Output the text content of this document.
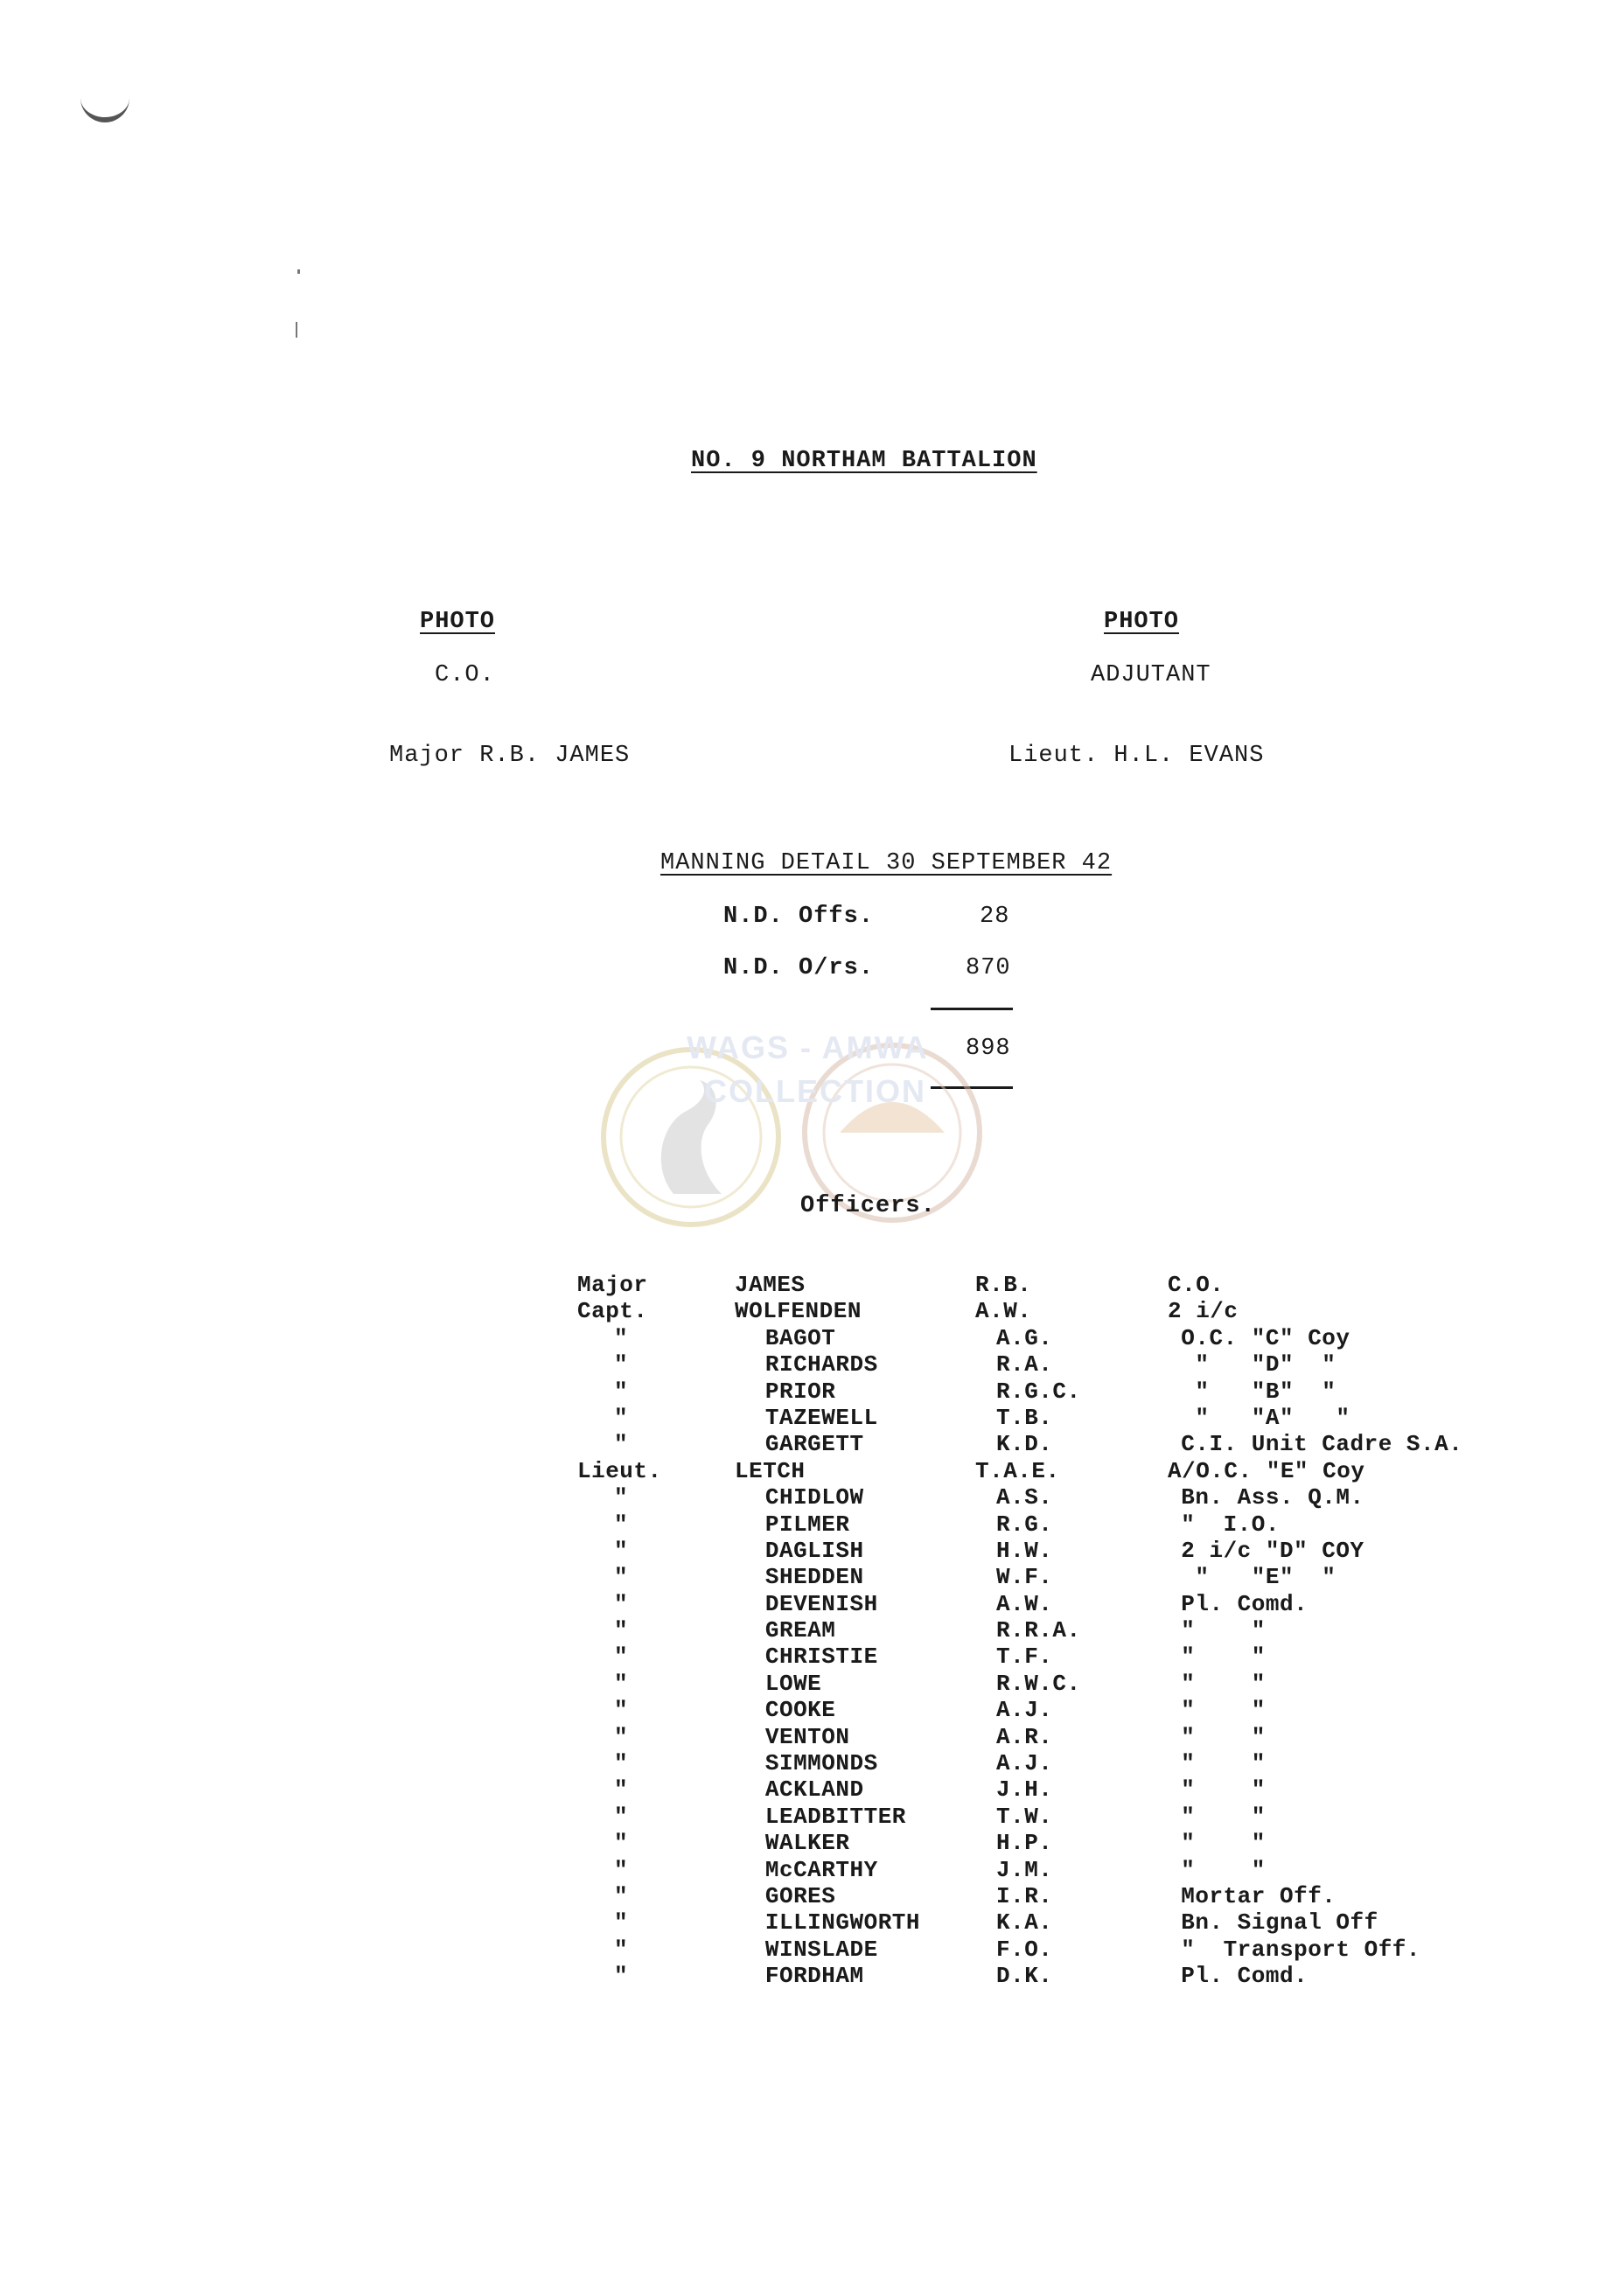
NO. 9 NORTHAM BATTALION
PHOTO
C.O.
Major R.B. JAMES
PHOTO
ADJUTANT
Lieut. H.L. EVANS
MANNING DETAIL 30 SEPTEMBER 42
N.D. Offs.	28
N.D. O/rs.	870
898
WAGS - AMWA
COLLECTION
Officers.
Major	JAMES	R.B.	C.O.
Capt.	WOLFENDEN	A.W.	2 i/c
"	BAGOT	A.G.	O.C. "C" Coy
"	RICHARDS	R.A.	"   "D"  "
"	PRIOR	R.G.C.	"   "B"  "
"	TAZEWELL	T.B.	"   "A"   "
"	GARGETT	K.D.	C.I. Unit Cadre S.A.
Lieut.	LETCH	T.A.E.	A/O.C. "E" Coy
"	CHIDLOW	A.S.	Bn. Ass. Q.M.
"	PILMER	R.G.	"  I.O.
"	DAGLISH	H.W.	2 i/c "D" COY
"	SHEDDEN	W.F.	"   "E"  "
"	DEVENISH	A.W.	Pl. Comd.
"	GREAM	R.R.A.	"    "
"	CHRISTIE	T.F.	"    "
"	LOWE	R.W.C.	"    "
"	COOKE	A.J.	"    "
"	VENTON	A.R.	"    "
"	SIMMONDS	A.J.	"    "
"	ACKLAND	J.H.	"    "
"	LEADBITTER	T.W.	"    "
"	WALKER	H.P.	"    "
"	McCARTHY	J.M.	"    "
"	GORES	I.R.	Mortar Off.
"	ILLINGWORTH	K.A.	Bn. Signal Off
"	WINSLADE	F.O.	"  Transport Off.
"	FORDHAM	D.K.	Pl. Comd.
